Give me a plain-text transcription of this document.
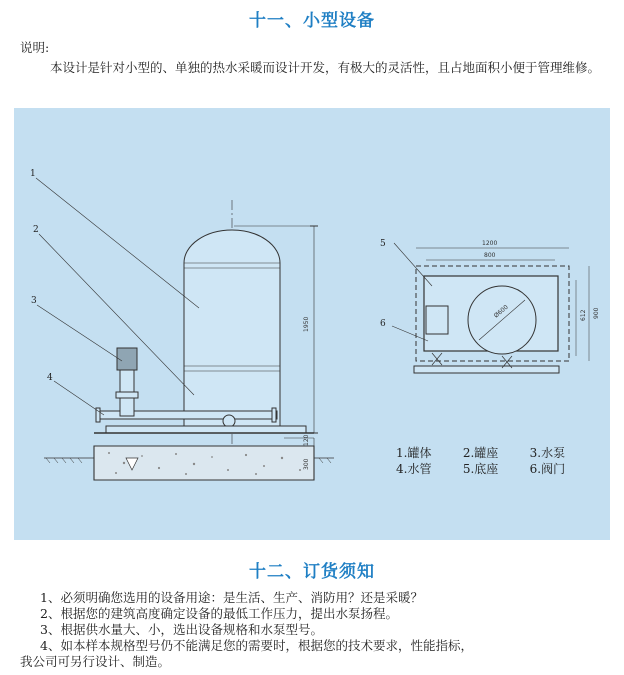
十一、小型设备
说明:
本设计是针对小型的、单独的热水采暖而设计开发，有极大的灵活性，且占地面积小便于管理维修。
1950
120
300
1200
800
900
612
Ø600
1
2
3
4
5
6
1.罐体	2.罐座	3.水泵
4.水管	5.底座	6.阀门
十二、订货须知
1、必须明确您选用的设备用途：是生活、生产、消防用？还是采暖？
2、根据您的建筑高度确定设备的最低工作压力，提出水泵扬程。
3、根据供水量大、小，选出设备规格和水泵型号。
4、如本样本规格型号仍不能满足您的需要时，根据您的技术要求，性能指标，
我公司可另行设计、制造。
